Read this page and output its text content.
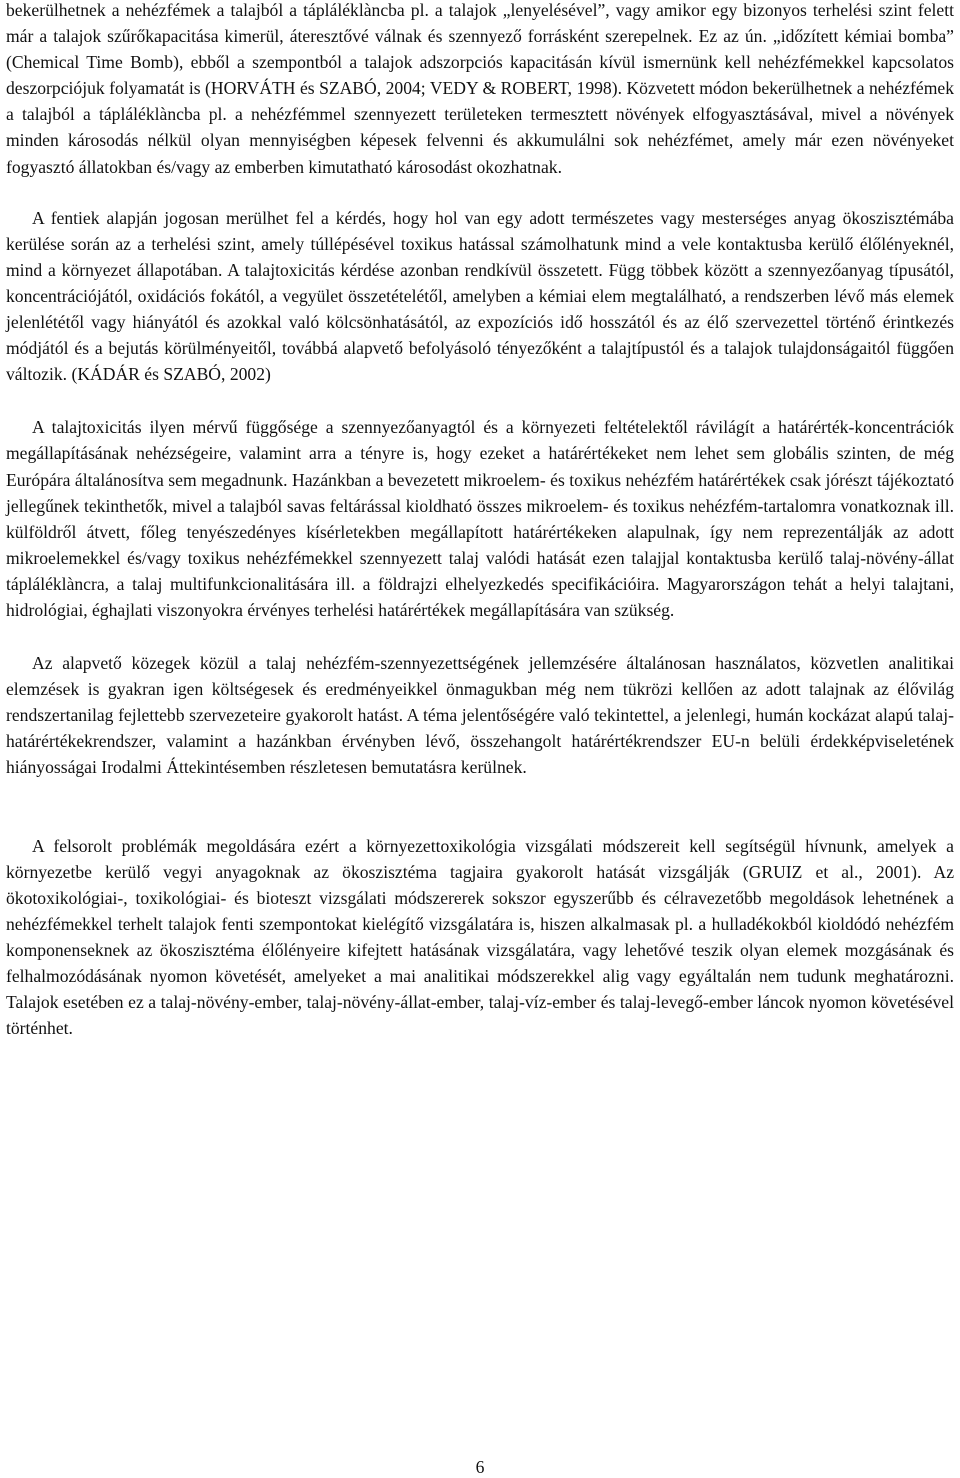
bekerülhetnek a nehézfémek a talajból a tápláléklàncba pl. a talajok „lenyelésével”, vagy amikor egy bizonyos terhelési szint felett már a talajok szűrőkapacitása kimerül, áteresztővé válnak és szennyező forrásként szerepelnek. Ez az ún. „időzített kémiai bomba” (Chemical Time Bomb), ebből a szempontból a talajok adszorpciós kapacitásán kívül ismernünk kell nehézfémekkel kapcsolatos deszorpciójuk folyamatát is (HORVÁTH és SZABÓ, 2004; VEDY & ROBERT, 1998). Közvetett módon bekerülhetnek a nehézfémek a talajból a tápláléklàncba pl. a nehézfémmel szennyezett területeken termesztett növények elfogyasztásával, mivel a növények minden károsodás nélkül olyan mennyiségben képesek felvenni és akkumulálni sok nehézfémet, amely már ezen növényeket fogyasztó állatokban és/vagy az emberben kimutatható károsodást okozhatnak.

A fentiek alapján jogosan merülhet fel a kérdés, hogy hol van egy adott természetes vagy mesterséges anyag ökoszisztémába kerülése során az a terhelési szint, amely túllépésével toxikus hatással számolhatunk mind a vele kontaktusba kerülő élőlényeknél, mind a környezet állapotában. A talajtoxicitás kérdése azonban rendkívül összetett. Függ többek között a szennyezőanyag típusától, koncentrációjától, oxidációs fokától, a vegyület összetételétől, amelyben a kémiai elem megtalálható, a rendszerben lévő más elemek jelenlététől vagy hiányától és azokkal való kölcsönhatásától, az expozíciós idő hosszától és az élő szervezettel történő érintkezés módjától és a bejutás körülményeitől, továbbá alapvető befolyásoló tényezőként a talajtípustól és a talajok tulajdonságaitól függően változik. (KÁDÁR és SZABÓ, 2002)

A talajtoxicitás ilyen mérvű függősége a szennyezőanyagtól és a környezeti feltételektől rávilágít a határérték-koncentrációk megállapításának nehézségeire, valamint arra a tényre is, hogy ezeket a határértékeket nem lehet sem globális szinten, de még Európára általánosítva sem megadnunk. Hazánkban a bevezetett mikroelem- és toxikus nehézfém határértékek csak jórészt tájékoztató jellegűnek tekinthetők, mivel a talajból savas feltárással kioldható összes mikroelem- és toxikus nehézfém-tartalomra vonatkoznak ill. külföldről átvett, főleg tenyészedényes kísérletekben megállapított határértékeken alapulnak, így nem reprezentálják az adott mikroelemekkel és/vagy toxikus nehézfémekkel szennyezett talaj valódi hatását ezen talajjal kontaktusba kerülő talaj-növény-állat tápláléklàncra, a talaj multifunkcionalitására ill. a földrajzi elhelyezkedés specifikációira. Magyarországon tehát a helyi talajtani, hidrológiai, éghajlati viszonyokra érvényes terhelési határértékek megállapítására van szükség.

Az alapvető közegek közül a talaj nehézfém-szennyezettségének jellemzésére általánosan használatos, közvetlen analitikai elemzések is gyakran igen költségesek és eredményeikkel önmagukban még nem tükrözi kellően az adott talajnak az élővilág rendszertanilag fejlettebb szervezeteire gyakorolt hatást. A téma jelentőségére való tekintettel, a jelenlegi, humán kockázat alapú talaj-határértékekrendszer, valamint a hazánkban érvényben lévő, összehangolt határértékrendszer EU-n belüli érdekképviseletének hiányosságai Irodalmi Áttekintésemben részletesen bemutatásra kerülnek.

A felsorolt problémák megoldására ezért a környezettoxikológia vizsgálati módszereit kell segítségül hívnunk, amelyek a környezetbe kerülő vegyi anyagoknak az ökoszisztéma tagjaira gyakorolt hatását vizsgálják (GRUIZ et al., 2001). Az ökotoxikológiai-, toxikológiai- és bioteszt vizsgálati módszererek sokszor egyszerűbb és célravezetőbb megoldások lehetnének a nehézfémekkel terhelt talajok fenti szempontokat kielégítő vizsgálatára is, hiszen alkalmasak pl. a hulladékokból kioldódó nehézfém komponenseknek az ökoszisztéma élőlényeire kifejtett hatásának vizsgálatára, vagy lehetővé teszik olyan elemek mozgásának és felhalmozódásának nyomon követését, amelyeket a mai analitikai módszerekkel alig vagy egyáltalán nem tudunk meghatározni. Talajok esetében ez a talaj-növény-ember, talaj-növény-állat-ember, talaj-víz-ember és talaj-levegő-ember láncok nyomon követésével történhet.

6
